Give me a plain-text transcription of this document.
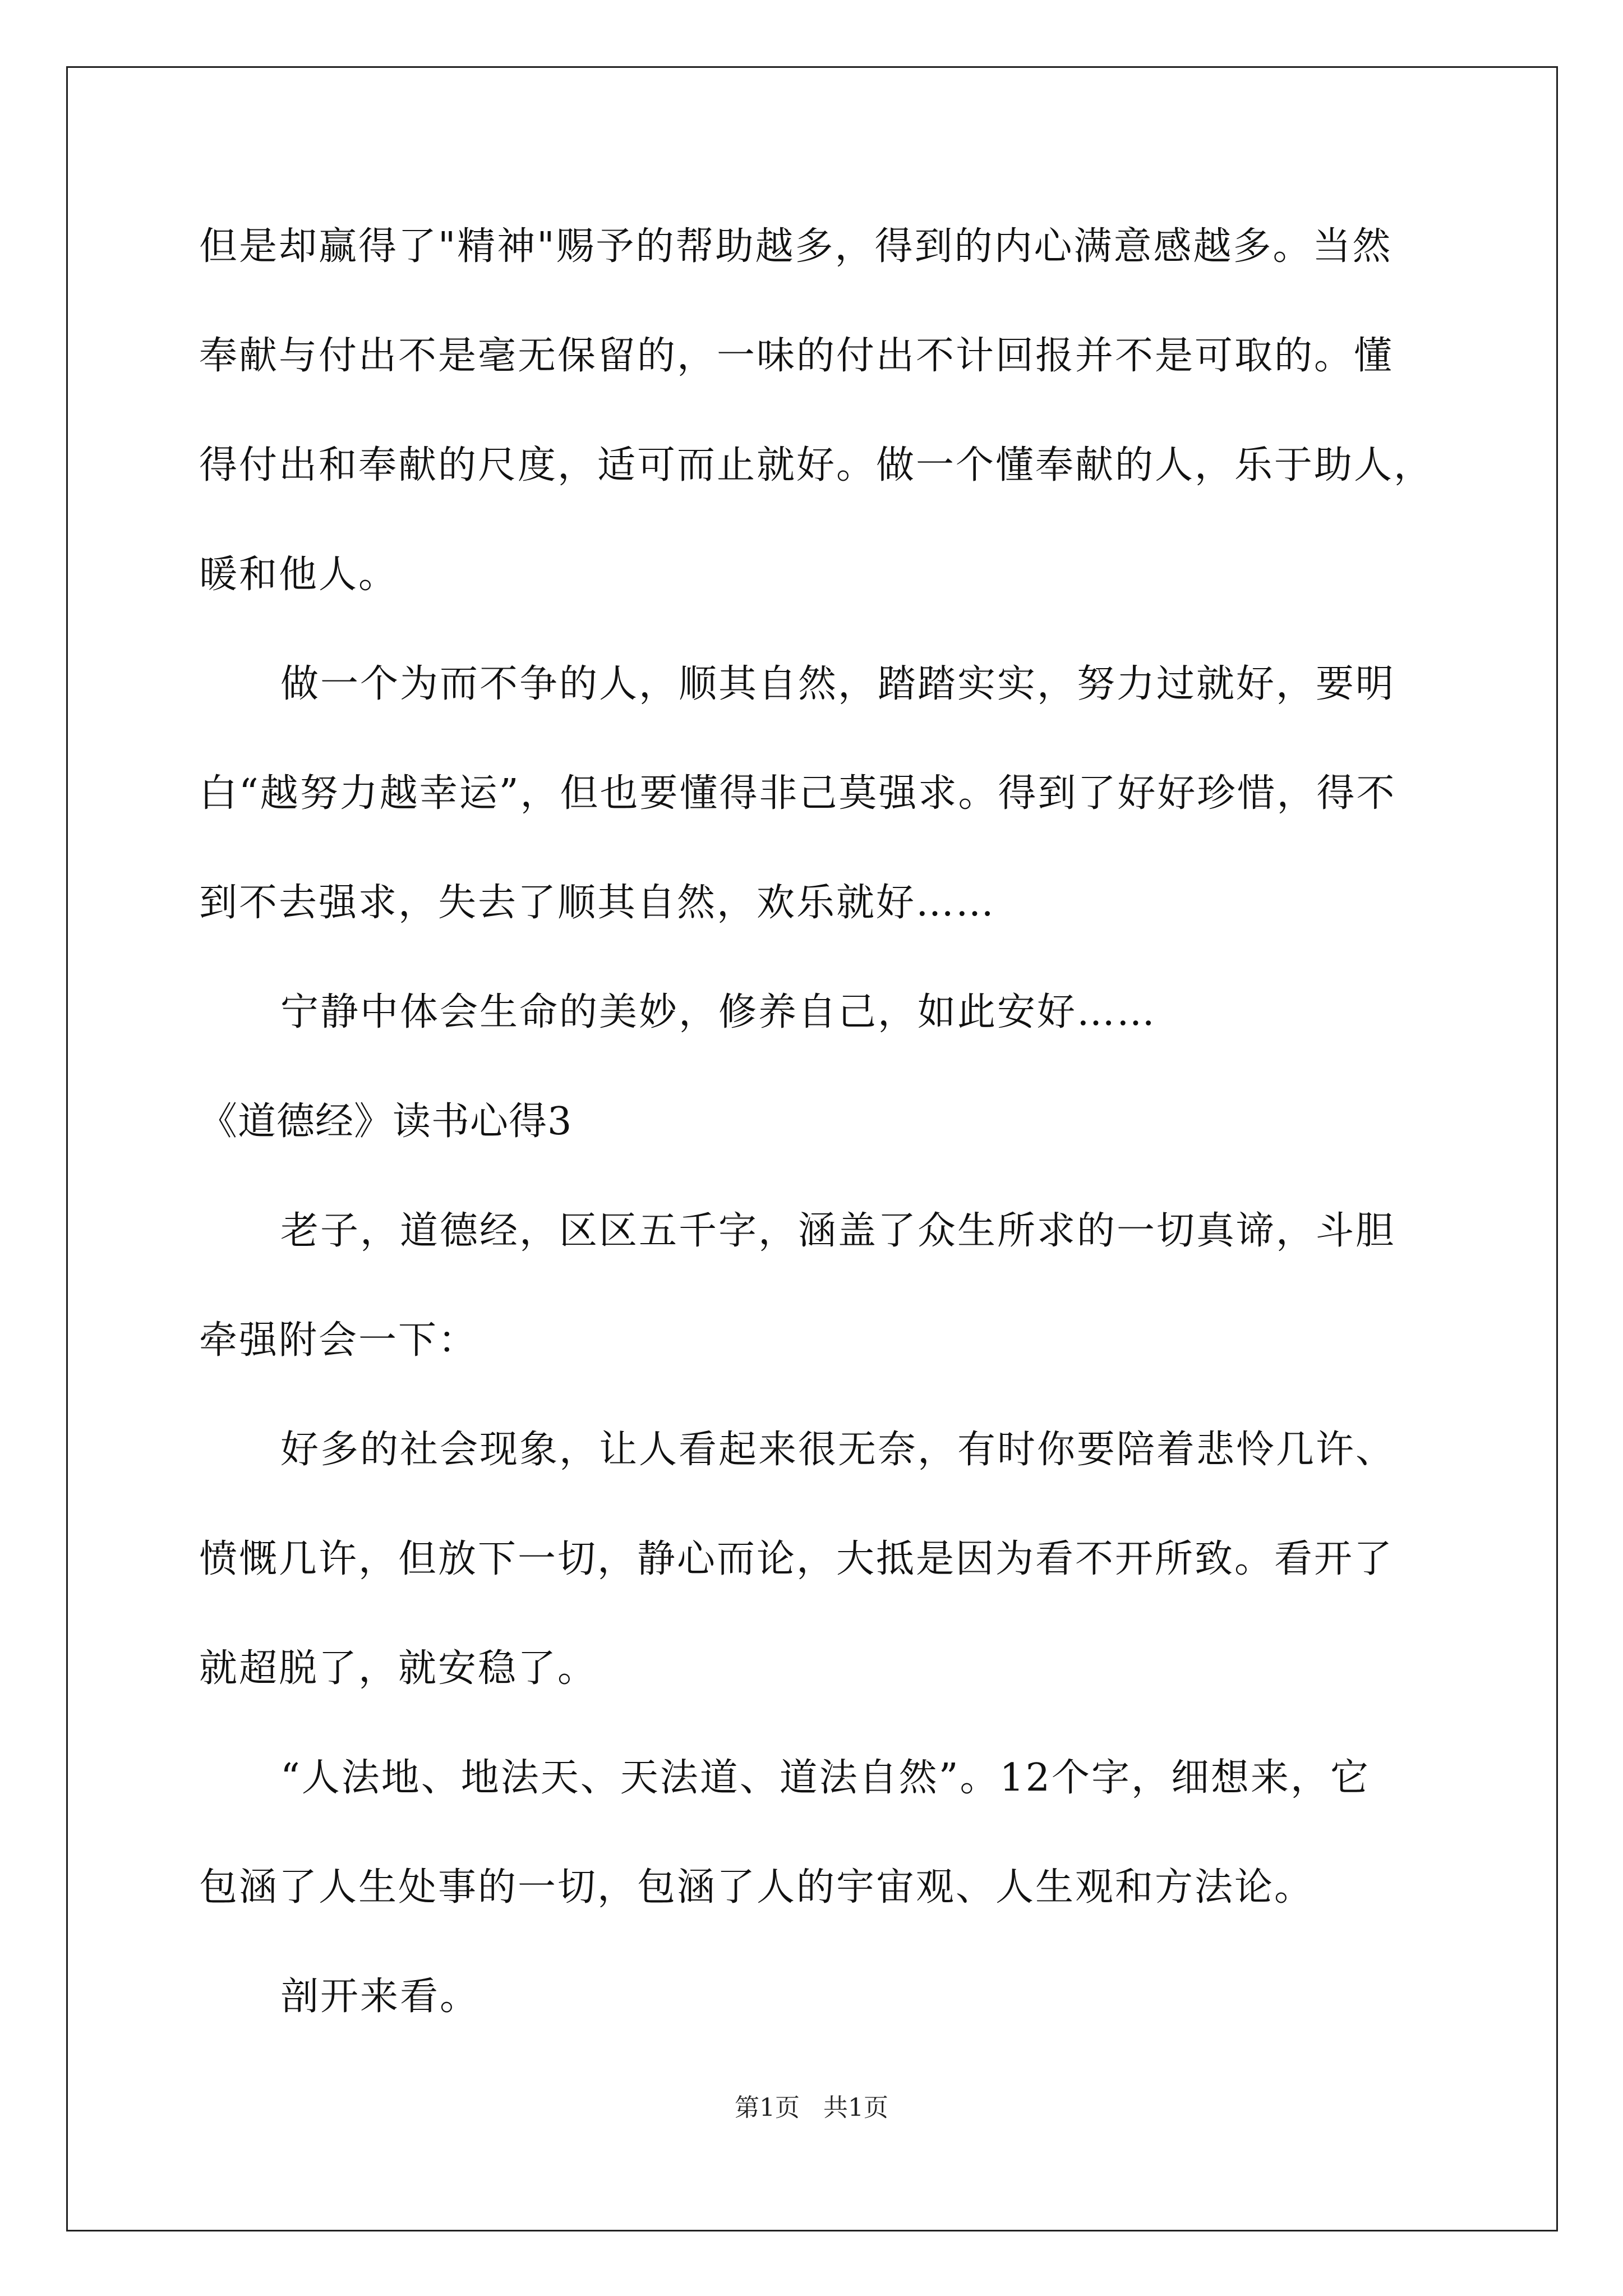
但是却赢得了"精神"赐予的帮助越多，得到的内心满意感越多。当然
奉献与付出不是毫无保留的，一味的付出不计回报并不是可取的。懂
得付出和奉献的尺度，适可而止就好。做一个懂奉献的人，乐于助人，
暖和他人。
做一个为而不争的人，顺其自然，踏踏实实，努力过就好，要明
白“越努力越幸运”，但也要懂得非己莫强求。得到了好好珍惜，得不
到不去强求，失去了顺其自然，欢乐就好……
宁静中体会生命的美妙，修养自己，如此安好……
《道德经》读书心得3
老子，道德经，区区五千字，涵盖了众生所求的一切真谛，斗胆
牵强附会一下：
好多的社会现象，让人看起来很无奈，有时你要陪着悲怜几许、
愤慨几许，但放下一切，静心而论，大抵是因为看不开所致。看开了
就超脱了，就安稳了。
“人法地、地法天、天法道、道法自然”。12个字，细想来，它
包涵了人生处事的一切，包涵了人的宇宙观、人生观和方法论。
剖开来看。
第1页   共1页
